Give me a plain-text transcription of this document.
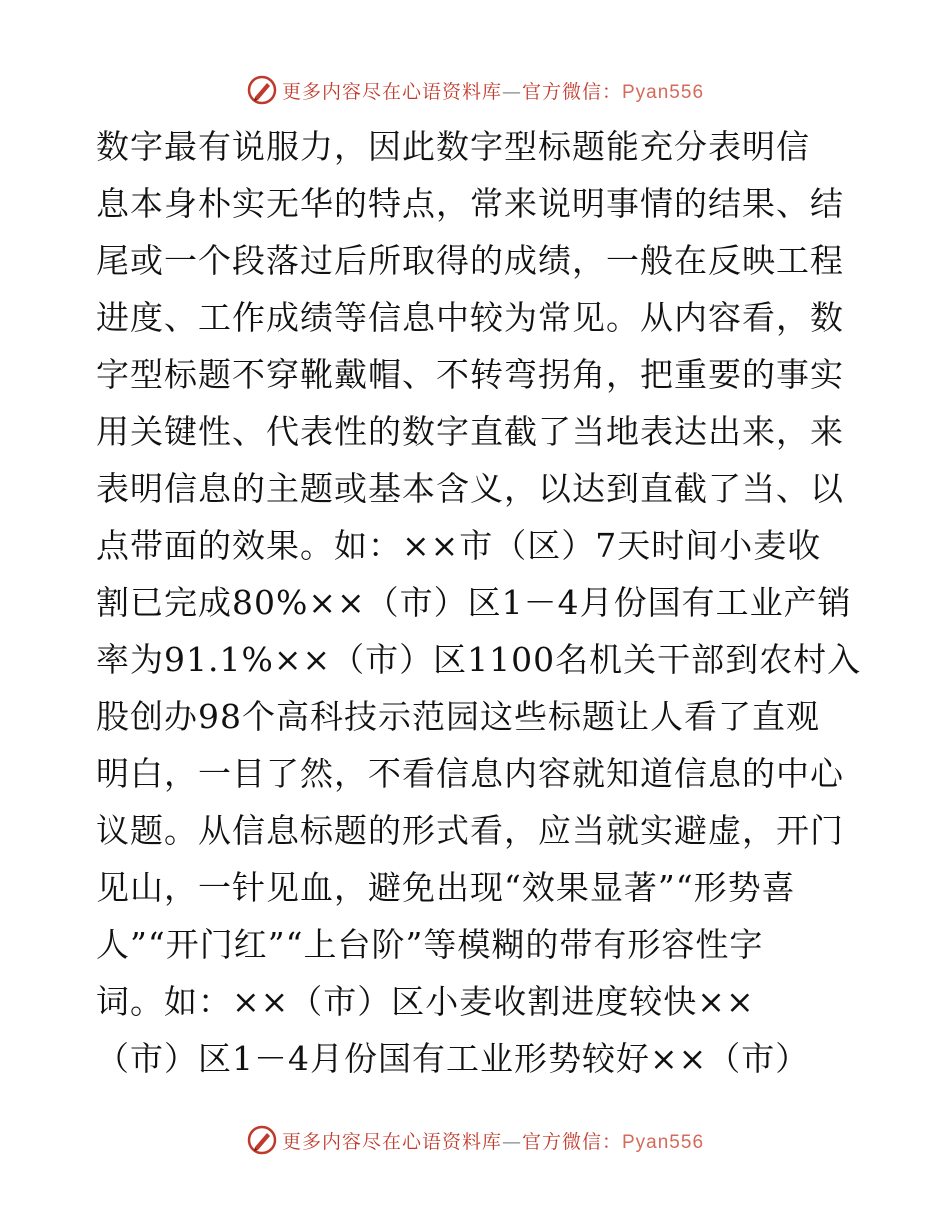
更多内容尽在心语资料库—官方微信：Pyan556
数字最有说服力，因此数字型标题能充分表明信
息本身朴实无华的特点，常来说明事情的结果、结
尾或一个段落过后所取得的成绩，一般在反映工程
进度、工作成绩等信息中较为常见。从内容看，数
字型标题不穿靴戴帽、不转弯拐角，把重要的事实
用关键性、代表性的数字直截了当地表达出来，来
表明信息的主题或基本含义，以达到直截了当、以
点带面的效果。如：××市（区）7天时间小麦收
割已完成80%××（市）区1－4月份国有工业产销
率为91.1%××（市）区1100名机关干部到农村入
股创办98个高科技示范园这些标题让人看了直观
明白，一目了然，不看信息内容就知道信息的中心
议题。从信息标题的形式看，应当就实避虚，开门
见山，一针见血，避免出现“效果显著”“形势喜
人”“开门红”“上台阶”等模糊的带有形容性字
词。如：××（市）区小麦收割进度较快××
（市）区1－4月份国有工业形势较好××（市）
更多内容尽在心语资料库—官方微信：Pyan556
